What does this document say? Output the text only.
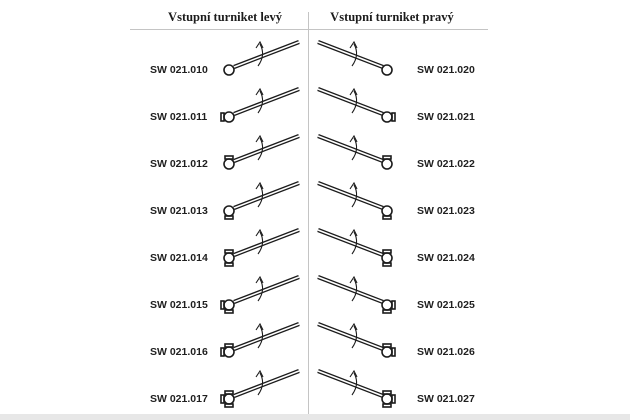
Vstupní turniket levý	Vstupní turniket pravý
SW 021.010
SW 021.011
SW 021.012
SW 021.013
SW 021.014
SW 021.015
SW 021.016
SW 021.017
SW 021.020
SW 021.021
SW 021.022
SW 021.023
SW 021.024
SW 021.025
SW 021.026
SW 021.027
